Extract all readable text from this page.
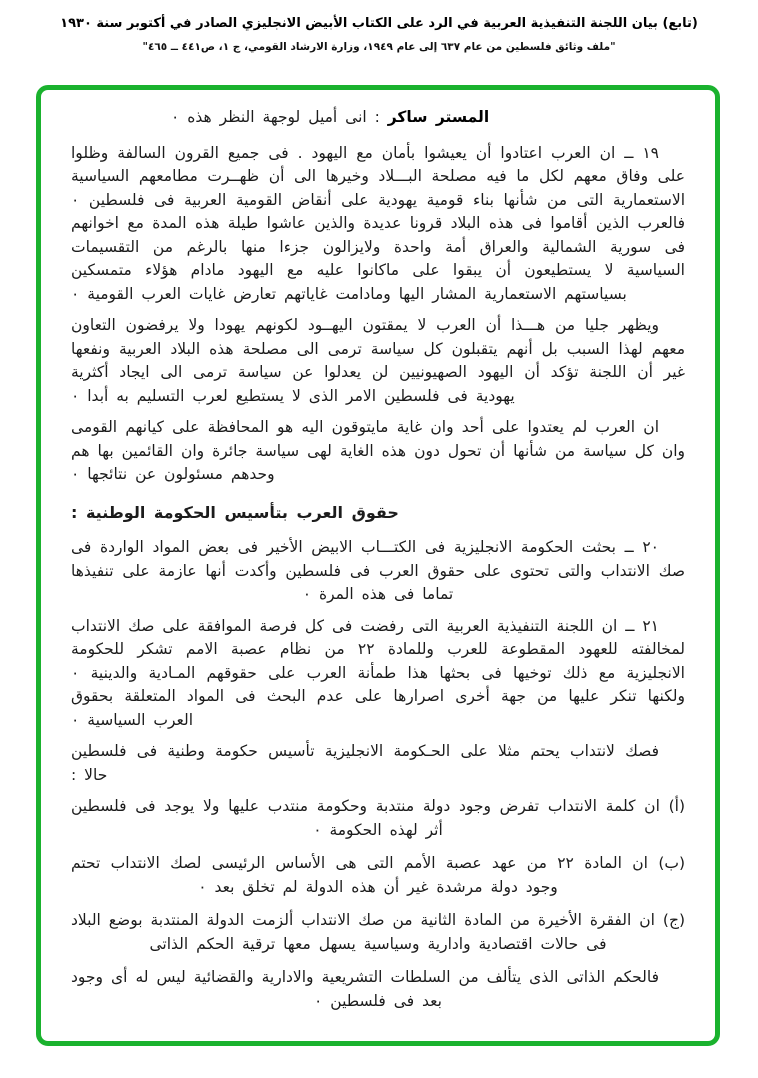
(تابع) بيان اللجنة التنفيذية العربية في الرد على الكتاب الأبيض الانجليزي الصادر في أكتوبر سنة ١٩٣٠
"ملف وثائق فلسطين من عام ٦٣٧ إلى عام ١٩٤٩، وزارة الارشاد القومي، ج ١، ص٤٤١ ــ ٤٦٥"

المستر ساكر : انى أميل لوجهة النظر هذه ٠

١٩ ــ ان العرب اعتادوا أن يعيشوا بأمان مع اليهود . فى جميع القرون السالفة وظلوا على وفاق معهم لكل ما فيه مصلحة البـــلاد وخيرها الى أن ظهــرت مطامعهم السياسية الاستعمارية التى من شأنها بناء قومية يهودية على أنقاض القومية العربية فى فلسطين ٠ فالعرب الذين أقاموا فى هذه البلاد قرونا عديدة والذين عاشوا طيلة هذه المدة مع اخوانهم فى سورية الشمالية والعراق أمة واحدة ولايزالون جزءا منها بالرغم من التقسيمات السياسية لا يستطيعون أن يبقوا على ماكانوا عليه مع اليهود مادام هؤلاء متمسكين بسياستهم الاستعمارية المشار اليها ومادامت غاياتهم تعارض غايات العرب القومية ٠

ويظهر جليا من هـــذا أن العرب لا يمقتون اليهــود لكونهم يهودا ولا يرفضون التعاون معهم لهذا السبب بل أنهم يتقبلون كل سياسة ترمى الى مصلحة هذه البلاد العربية ونفعها غير أن اللجنة تؤكد أن اليهود الصهيونيين لن يعدلوا عن سياسة ترمى الى ايجاد أكثرية يهودية فى فلسطين الامر الذى لا يستطيع لعرب التسليم به أبدا ٠

ان العرب لم يعتدوا على أحد وان غاية مايتوقون اليه هو المحافظة على كيانهم القومى وان كل سياسة من شأنها أن تحول دون هذه الغاية لهى سياسة جائرة وان القائمين بها هم وحدهم مسئولون عن نتائجها ٠

حقوق العرب بتأسيس الحكومة الوطنية :

٢٠ ــ بحثت الحكومة الانجليزية فى الكتـــاب الابيض الأخير فى بعض المواد الواردة فى صك الانتداب والتى تحتوى على حقوق العرب فى فلسطين وأكدت أنها عازمة على تنفيذها تماما فى هذه المرة ٠

٢١ ــ ان اللجنة التنفيذية العربية التى رفضت فى كل فرصة الموافقة على صك الانتداب لمخالفته للعهود المقطوعة للعرب وللمادة ٢٢ من نظام عصبة الامم تشكر للحكومة الانجليزية مع ذلك توخيها فى بحثها هذا طمأنة العرب على حقوقهم المـادية والدينية ٠ ولكنها تنكر عليها من جهة أخرى اصرارها على عدم البحث فى المواد المتعلقة بحقوق العرب السياسية ٠

فصك لانتداب يحتم مثلا على الحـكومة الانجليزية تأسيس حكومة وطنية فى فلسطين حالا :

(أ) ان كلمة الانتداب تفرض وجود دولة منتدبة وحكومة منتدب عليها ولا يوجد فى فلسطين أثر لهذه الحكومة ٠

(ب) ان المادة ٢٢ من عهد عصبة الأمم التى هى الأساس الرئيسى لصك الانتداب تحتم وجود دولة مرشدة غير أن هذه الدولة لم تخلق بعد ٠

(ج) ان الفقرة الأخيرة من المادة الثانية من صك الانتداب ألزمت الدولة المنتدبة بوضع البلاد فى حالات اقتصادية وادارية وسياسية يسهل معها ترقية الحكم الذاتى

فالحكم الذاتى الذى يتألف من السلطات التشريعية والادارية والقضائية ليس له أى وجود بعد فى فلسطين ٠
